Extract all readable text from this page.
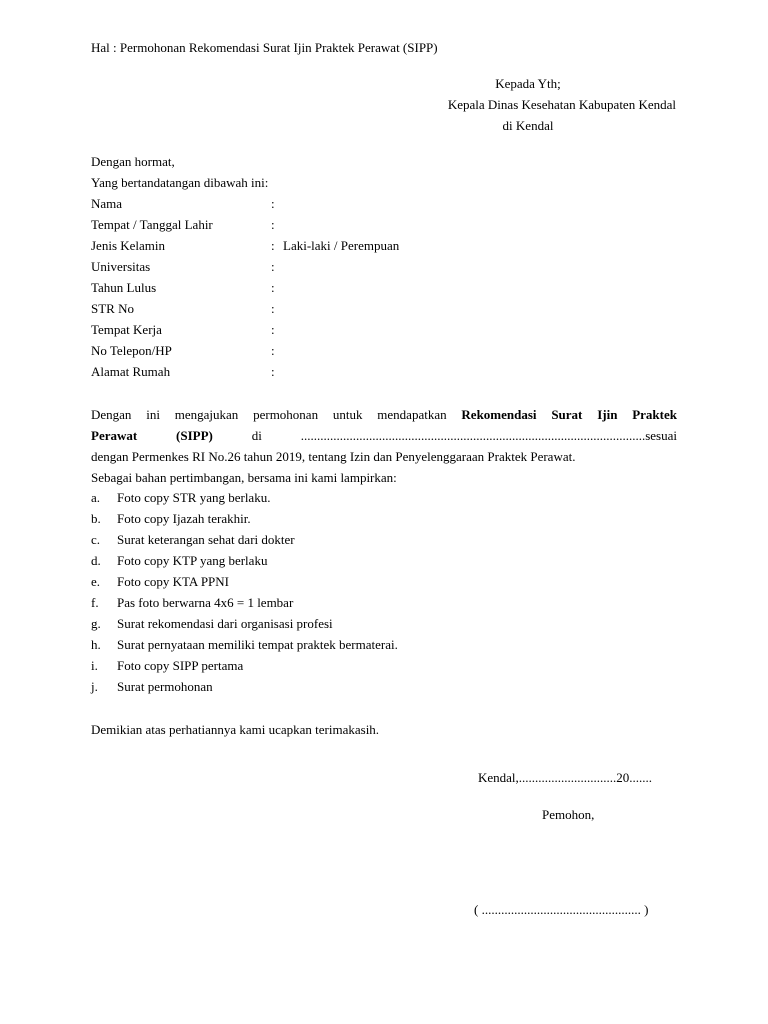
Hal : Permohonan Rekomendasi Surat Ijin Praktek Perawat (SIPP)
Kepada Yth;
Kepala Dinas Kesehatan Kabupaten Kendal
di Kendal
Dengan hormat,
Yang bertandatangan dibawah ini:
Nama	:
Tempat / Tanggal Lahir	:
Jenis Kelamin	: Laki-laki / Perempuan
Universitas	:
Tahun Lulus	:
STR No	:
Tempat Kerja	:
No Telepon/HP	:
Alamat Rumah	:
Dengan ini mengajukan permohonan untuk mendapatkan Rekomendasi Surat Ijin Praktek
Perawat (SIPP) di ..........................................................................................................sesuai
dengan Permenkes RI No.26 tahun 2019, tentang Izin dan Penyelenggaraan Praktek Perawat.
Sebagai bahan pertimbangan, bersama ini kami lampirkan:
a. Foto copy STR yang berlaku.
b. Foto copy Ijazah terakhir.
c. Surat keterangan sehat dari dokter
d. Foto copy KTP yang berlaku
e. Foto copy KTA PPNI
f. Pas foto berwarna 4x6 = 1 lembar
g. Surat rekomendasi dari organisasi profesi
h. Surat pernyataan memiliki tempat praktek bermaterai.
i. Foto copy SIPP pertama
j. Surat permohonan
Demikian atas perhatiannya kami ucapkan terimakasih.
Kendal,..............................20.......
Pemohon,
( ................................................. )
